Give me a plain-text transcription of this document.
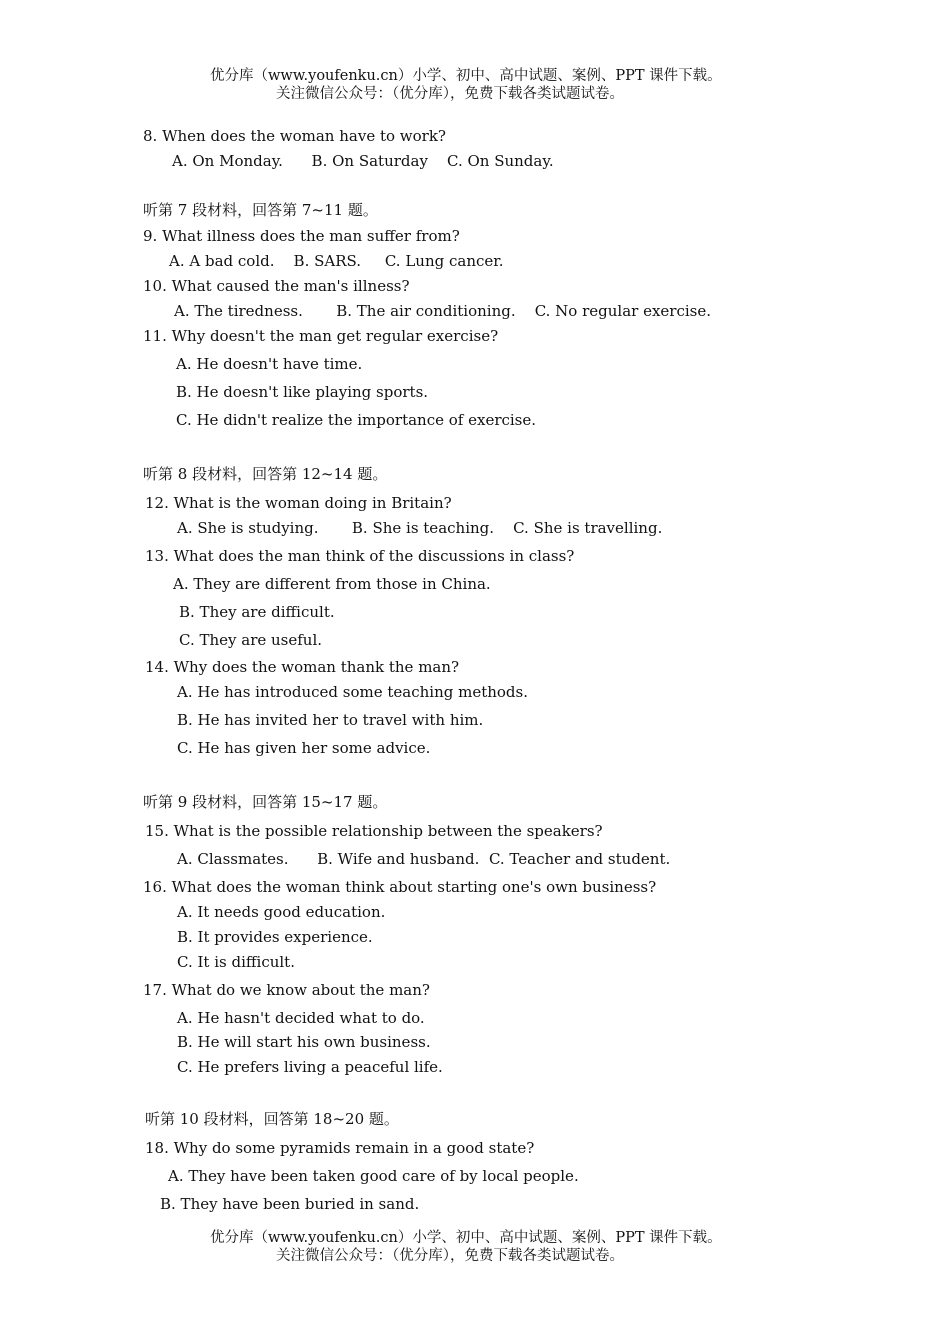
优分库（www.youfenku.cn）小学、初中、高中试题、案例、PPT 课件下载。
关注微信公众号：（优分库），免费下载各类试题试卷。
8. When does the woman have to work?
A. On Monday.      B. On Saturday    C. On Sunday.
听第 7 段材料，回答第 7~11 题。
9. What illness does the man suffer from?
A. A bad cold.    B. SARS.     C. Lung cancer.
10. What caused the man's illness?
A. The tiredness.       B. The air conditioning.    C. No regular exercise.
11. Why doesn't the man get regular exercise?
A. He doesn't have time.
B. He doesn't like playing sports.
C. He didn't realize the importance of exercise.
听第 8 段材料，回答第 12~14 题。
12. What is the woman doing in Britain?
A. She is studying.       B. She is teaching.    C. She is travelling.
13. What does the man think of the discussions in class?
A. They are different from those in China.
B. They are difficult.
C. They are useful.
14. Why does the woman thank the man?
A. He has introduced some teaching methods.
B. He has invited her to travel with him.
C. He has given her some advice.
听第 9 段材料，回答第 15~17 题。
15. What is the possible relationship between the speakers?
A. Classmates.      B. Wife and husband.  C. Teacher and student.
16. What does the woman think about starting one's own business?
A. It needs good education.
B. It provides experience.
C. It is difficult.
17. What do we know about the man?
A. He hasn't decided what to do.
B. He will start his own business.
C. He prefers living a peaceful life.
听第 10 段材料，回答第 18~20 题。
18. Why do some pyramids remain in a good state?
A. They have been taken good care of by local people.
B. They have been buried in sand.
优分库（www.youfenku.cn）小学、初中、高中试题、案例、PPT 课件下载。
关注微信公众号：（优分库），免费下载各类试题试卷。
